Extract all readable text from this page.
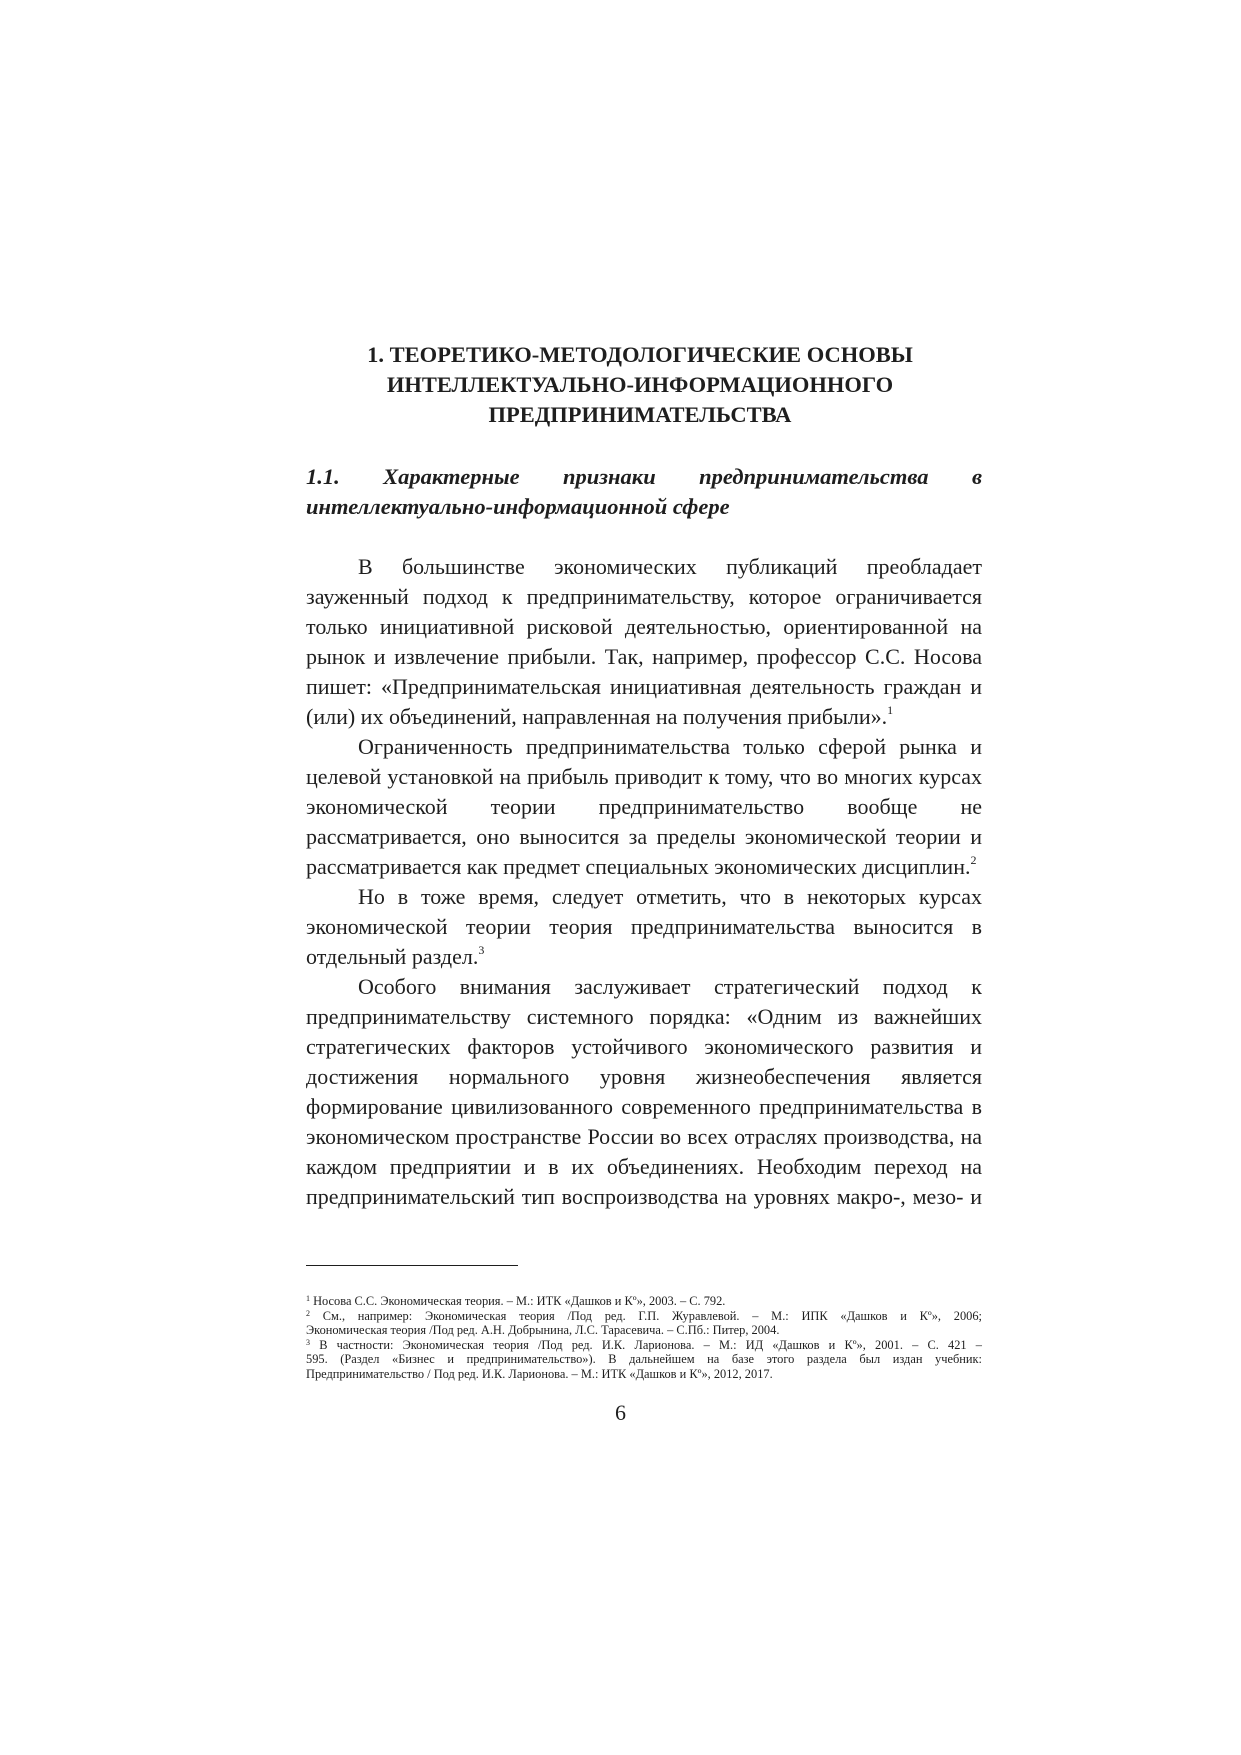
1. ТЕОРЕТИКО-МЕТОДОЛОГИЧЕСКИЕ ОСНОВЫ
ИНТЕЛЛЕКТУАЛЬНО-ИНФОРМАЦИОННОГО
ПРЕДПРИНИМАТЕЛЬСТВА
1.1. Характерные признаки предпринимательства в
интеллектуально-информационной сфере
В большинстве экономических публикаций преобладает
зауженный подход к предпринимательству, которое ограничивается
только инициативной рисковой деятельностью, ориентированной на
рынок и извлечение прибыли. Так, например, профессор С.С. Носова
пишет: «Предпринимательская инициативная деятельность граждан и
(или) их объединений, направленная на получения прибыли».$^1$
Ограниченность предпринимательства только сферой рынка и
целевой установкой на прибыль приводит к тому, что во многих курсах
экономической теории предпринимательство вообще не
рассматривается, оно выносится за пределы экономической теории и
рассматривается как предмет специальных экономических дисциплин.$^2$
Но в тоже время, следует отметить, что в некоторых курсах
экономической теории теория предпринимательства выносится в
отдельный раздел.$^3$
Особого внимания заслуживает стратегический подход к
предпринимательству системного порядка: «Одним из важнейших
стратегических факторов устойчивого экономического развития и
достижения нормального уровня жизнеобеспечения является
формирование цивилизованного современного предпринимательства в
экономическом пространстве России во всех отраслях производства, на
каждом предприятии и в их объединениях. Необходим переход на
предпринимательский тип воспроизводства на уровнях макро-, мезо- и
$^1$ Носова С.С. Экономическая теория. – М.: ИТК «Дашков и Кº», 2003. – С. 792.
$^2$ См., например: Экономическая теория /Под ред. Г.П. Журавлевой. – М.: ИПК «Дашков и Кº», 2006;
Экономическая теория /Под ред. А.Н. Добрынина, Л.С. Тарасевича. – С.Пб.: Питер, 2004.
$^3$ В частности: Экономическая теория /Под ред. И.К. Ларионова. – М.: ИД «Дашков и Кº», 2001. – С. 421 –
595. (Раздел «Бизнес и предпринимательство»). В дальнейшем на базе этого раздела был издан учебник:
Предпринимательство / Под ред. И.К. Ларионова. – М.: ИТК «Дашков и Кº», 2012, 2017.
6
